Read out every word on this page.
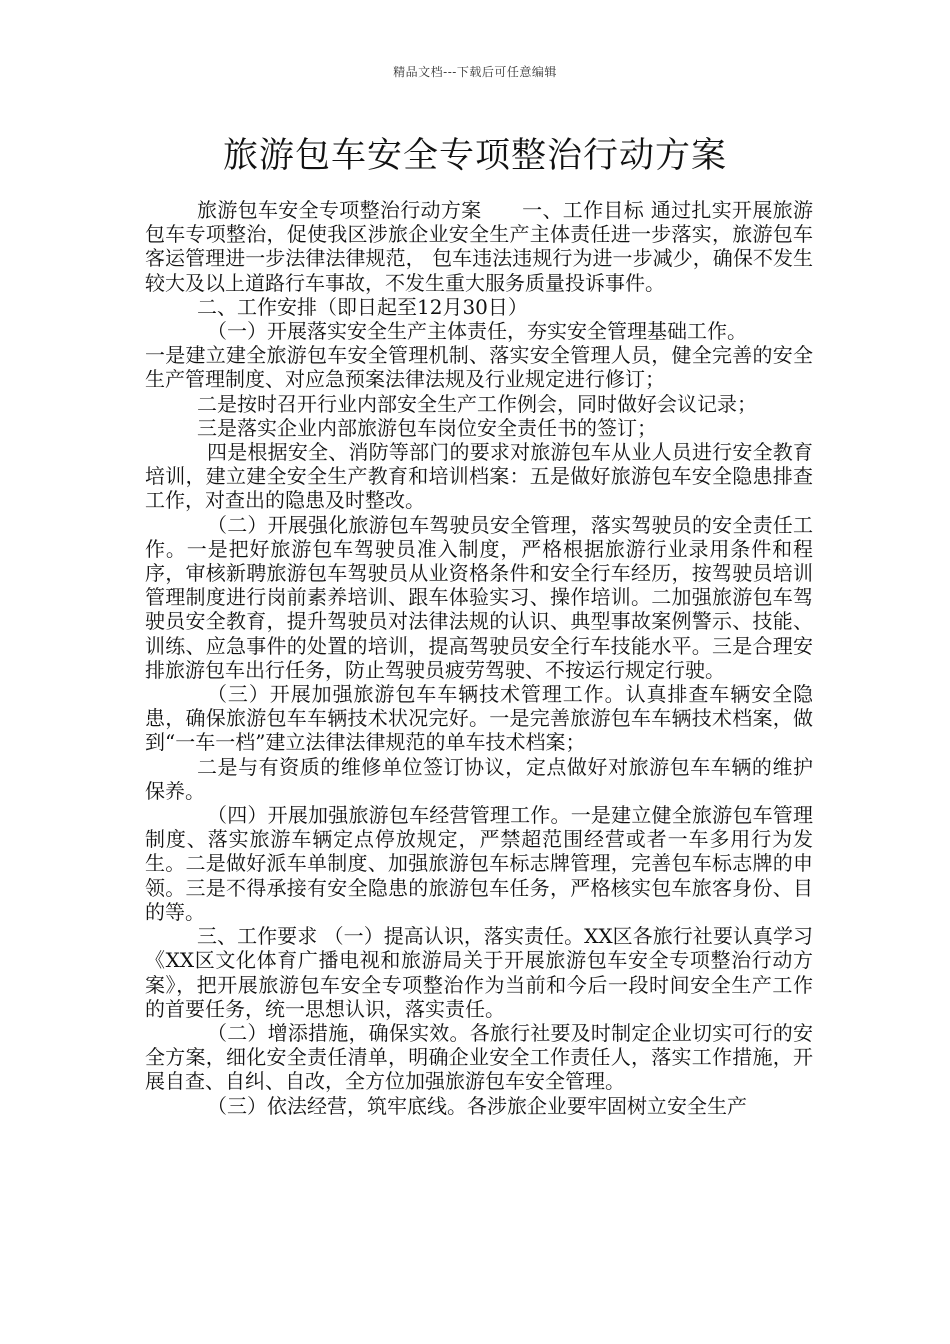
精品文档---下载后可任意编辑
旅游包车安全专项整治行动方案

旅游包车安全专项整治行动方案　　一、工作目标 通过扎实开展旅游包车专项整治，促使我区涉旅企业安全生产主体责任进一步落实，旅游包车客运管理进一步法律法律规范， 包车违法违规行为进一步减少，确保不发生较大及以上道路行车事故，不发生重大服务质量投诉事件。

二、工作安排（即日起至12月30日）

（一）开展落实安全生产主体责任，夯实安全管理基础工作。

一是建立建全旅游包车安全管理机制、落实安全管理人员，健全完善的安全生产管理制度、对应急预案法律法规及行业规定进行修订；

二是按时召开行业内部安全生产工作例会，同时做好会议记录；

三是落实企业内部旅游包车岗位安全责任书的签订；

四是根据安全、消防等部门的要求对旅游包车从业人员进行安全教育培训，建立建全安全生产教育和培训档案：五是做好旅游包车安全隐患排查工作，对查出的隐患及时整改。

（二）开展强化旅游包车驾驶员安全管理，落实驾驶员的安全责任工作。一是把好旅游包车驾驶员准入制度，严格根据旅游行业录用条件和程序，审核新聘旅游包车驾驶员从业资格条件和安全行车经历，按驾驶员培训管理制度进行岗前素养培训、跟车体验实习、操作培训。二加强旅游包车驾驶员安全教育，提升驾驶员对法律法规的认识、典型事故案例警示、技能、训练、应急事件的处置的培训，提高驾驶员安全行车技能水平。三是合理安排旅游包车出行任务，防止驾驶员疲劳驾驶、不按运行规定行驶。

（三）开展加强旅游包车车辆技术管理工作。认真排查车辆安全隐患，确保旅游包车车辆技术状况完好。一是完善旅游包车车辆技术档案，做到“一车一档”建立法律法律规范的单车技术档案；

二是与有资质的维修单位签订协议，定点做好对旅游包车车辆的维护保养。

（四）开展加强旅游包车经营管理工作。一是建立健全旅游包车管理制度、落实旅游车辆定点停放规定，严禁超范围经营或者一车多用行为发生。二是做好派车单制度、加强旅游包车标志牌管理，完善包车标志牌的申领。三是不得承接有安全隐患的旅游包车任务，严格核实包车旅客身份、目的等。

三、工作要求 （一）提高认识，落实责任。XX区各旅行社要认真学习《XX区文化体育广播电视和旅游局关于开展旅游包车安全专项整治行动方案》，把开展旅游包车安全专项整治作为当前和今后一段时间安全生产工作的首要任务，统一思想认识，落实责任。

（二）增添措施，确保实效。各旅行社要及时制定企业切实可行的安全方案，细化安全责任清单，明确企业安全工作责任人，落实工作措施，开展自查、自纠、自改，全方位加强旅游包车安全管理。

（三）依法经营，筑牢底线。各涉旅企业要牢固树立安全生产
